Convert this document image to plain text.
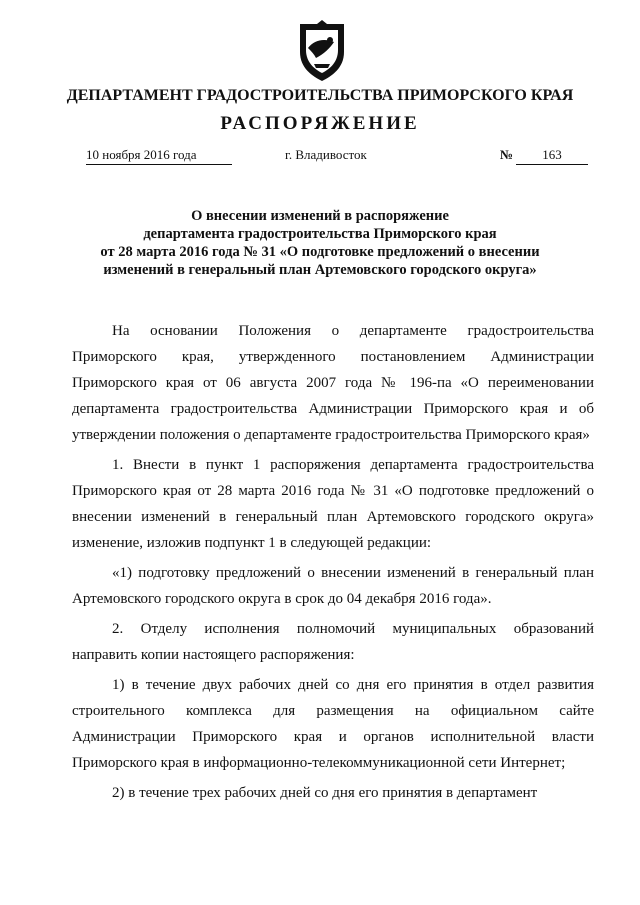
ДЕПАРТАМЕНТ ГРАДОСТРОИТЕЛЬСТВА ПРИМОРСКОГО КРАЯ
РАСПОРЯЖЕНИЕ
10 ноября 2016 года	г. Владивосток	№	163
О внесении изменений в распоряжение
департамента градостроительства Приморского края
от 28 марта 2016 года № 31 «О подготовке предложений о внесении
изменений в генеральный план Артемовского городского округа»

На основании Положения о департаменте градостроительства Приморского края, утвержденного постановлением Администрации Приморского края от 06 августа 2007 года № 196-па «О переименовании департамента градостроительства Администрации Приморского края и об утверждении положения о департаменте градостроительства Приморского края»

1. Внести в пункт 1 распоряжения департамента градостроительства Приморского края от 28 марта 2016 года № 31 «О подготовке предложений о внесении изменений в генеральный план Артемовского городского округа» изменение, изложив подпункт 1 в следующей редакции:

«1) подготовку предложений о внесении изменений в генеральный план Артемовского городского округа в срок до 04 декабря 2016 года».

2. Отделу исполнения полномочий муниципальных образований направить копии настоящего распоряжения:

1) в течение двух рабочих дней со дня его принятия в отдел развития строительного комплекса для размещения на официальном сайте Администрации Приморского края и органов исполнительной власти Приморского края в информационно-телекоммуникационной сети Интернет;

2) в течение трех рабочих дней со дня его принятия в департамент
